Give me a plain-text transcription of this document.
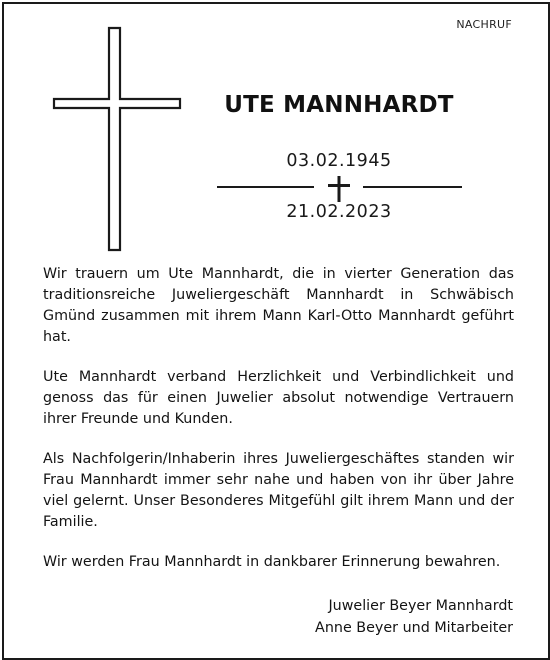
NACHRUF
UTE MANNHARDT
03.02.1945
21.02.2023

Wir trauern um Ute Mannhardt, die in vierter Generation das traditionsreiche Juweliergeschäft Mannhardt in Schwäbisch Gmünd zusammen mit ihrem Mann Karl-Otto Mannhardt geführt hat.

Ute Mannhardt verband Herzlichkeit und Verbindlichkeit und genoss das für einen Juwelier absolut notwendige Vertrauern ihrer Freunde und Kunden.

Als Nachfolgerin/Inhaberin ihres Juweliergeschäftes standen wir Frau Mannhardt immer sehr nahe und haben von ihr über Jahre viel gelernt. Unser Besonderes Mitgefühl gilt ihrem Mann und der Familie.

Wir werden Frau Mannhardt in dankbarer Erinnerung bewahren.

Juwelier Beyer Mannhardt
Anne Beyer und Mitarbeiter
